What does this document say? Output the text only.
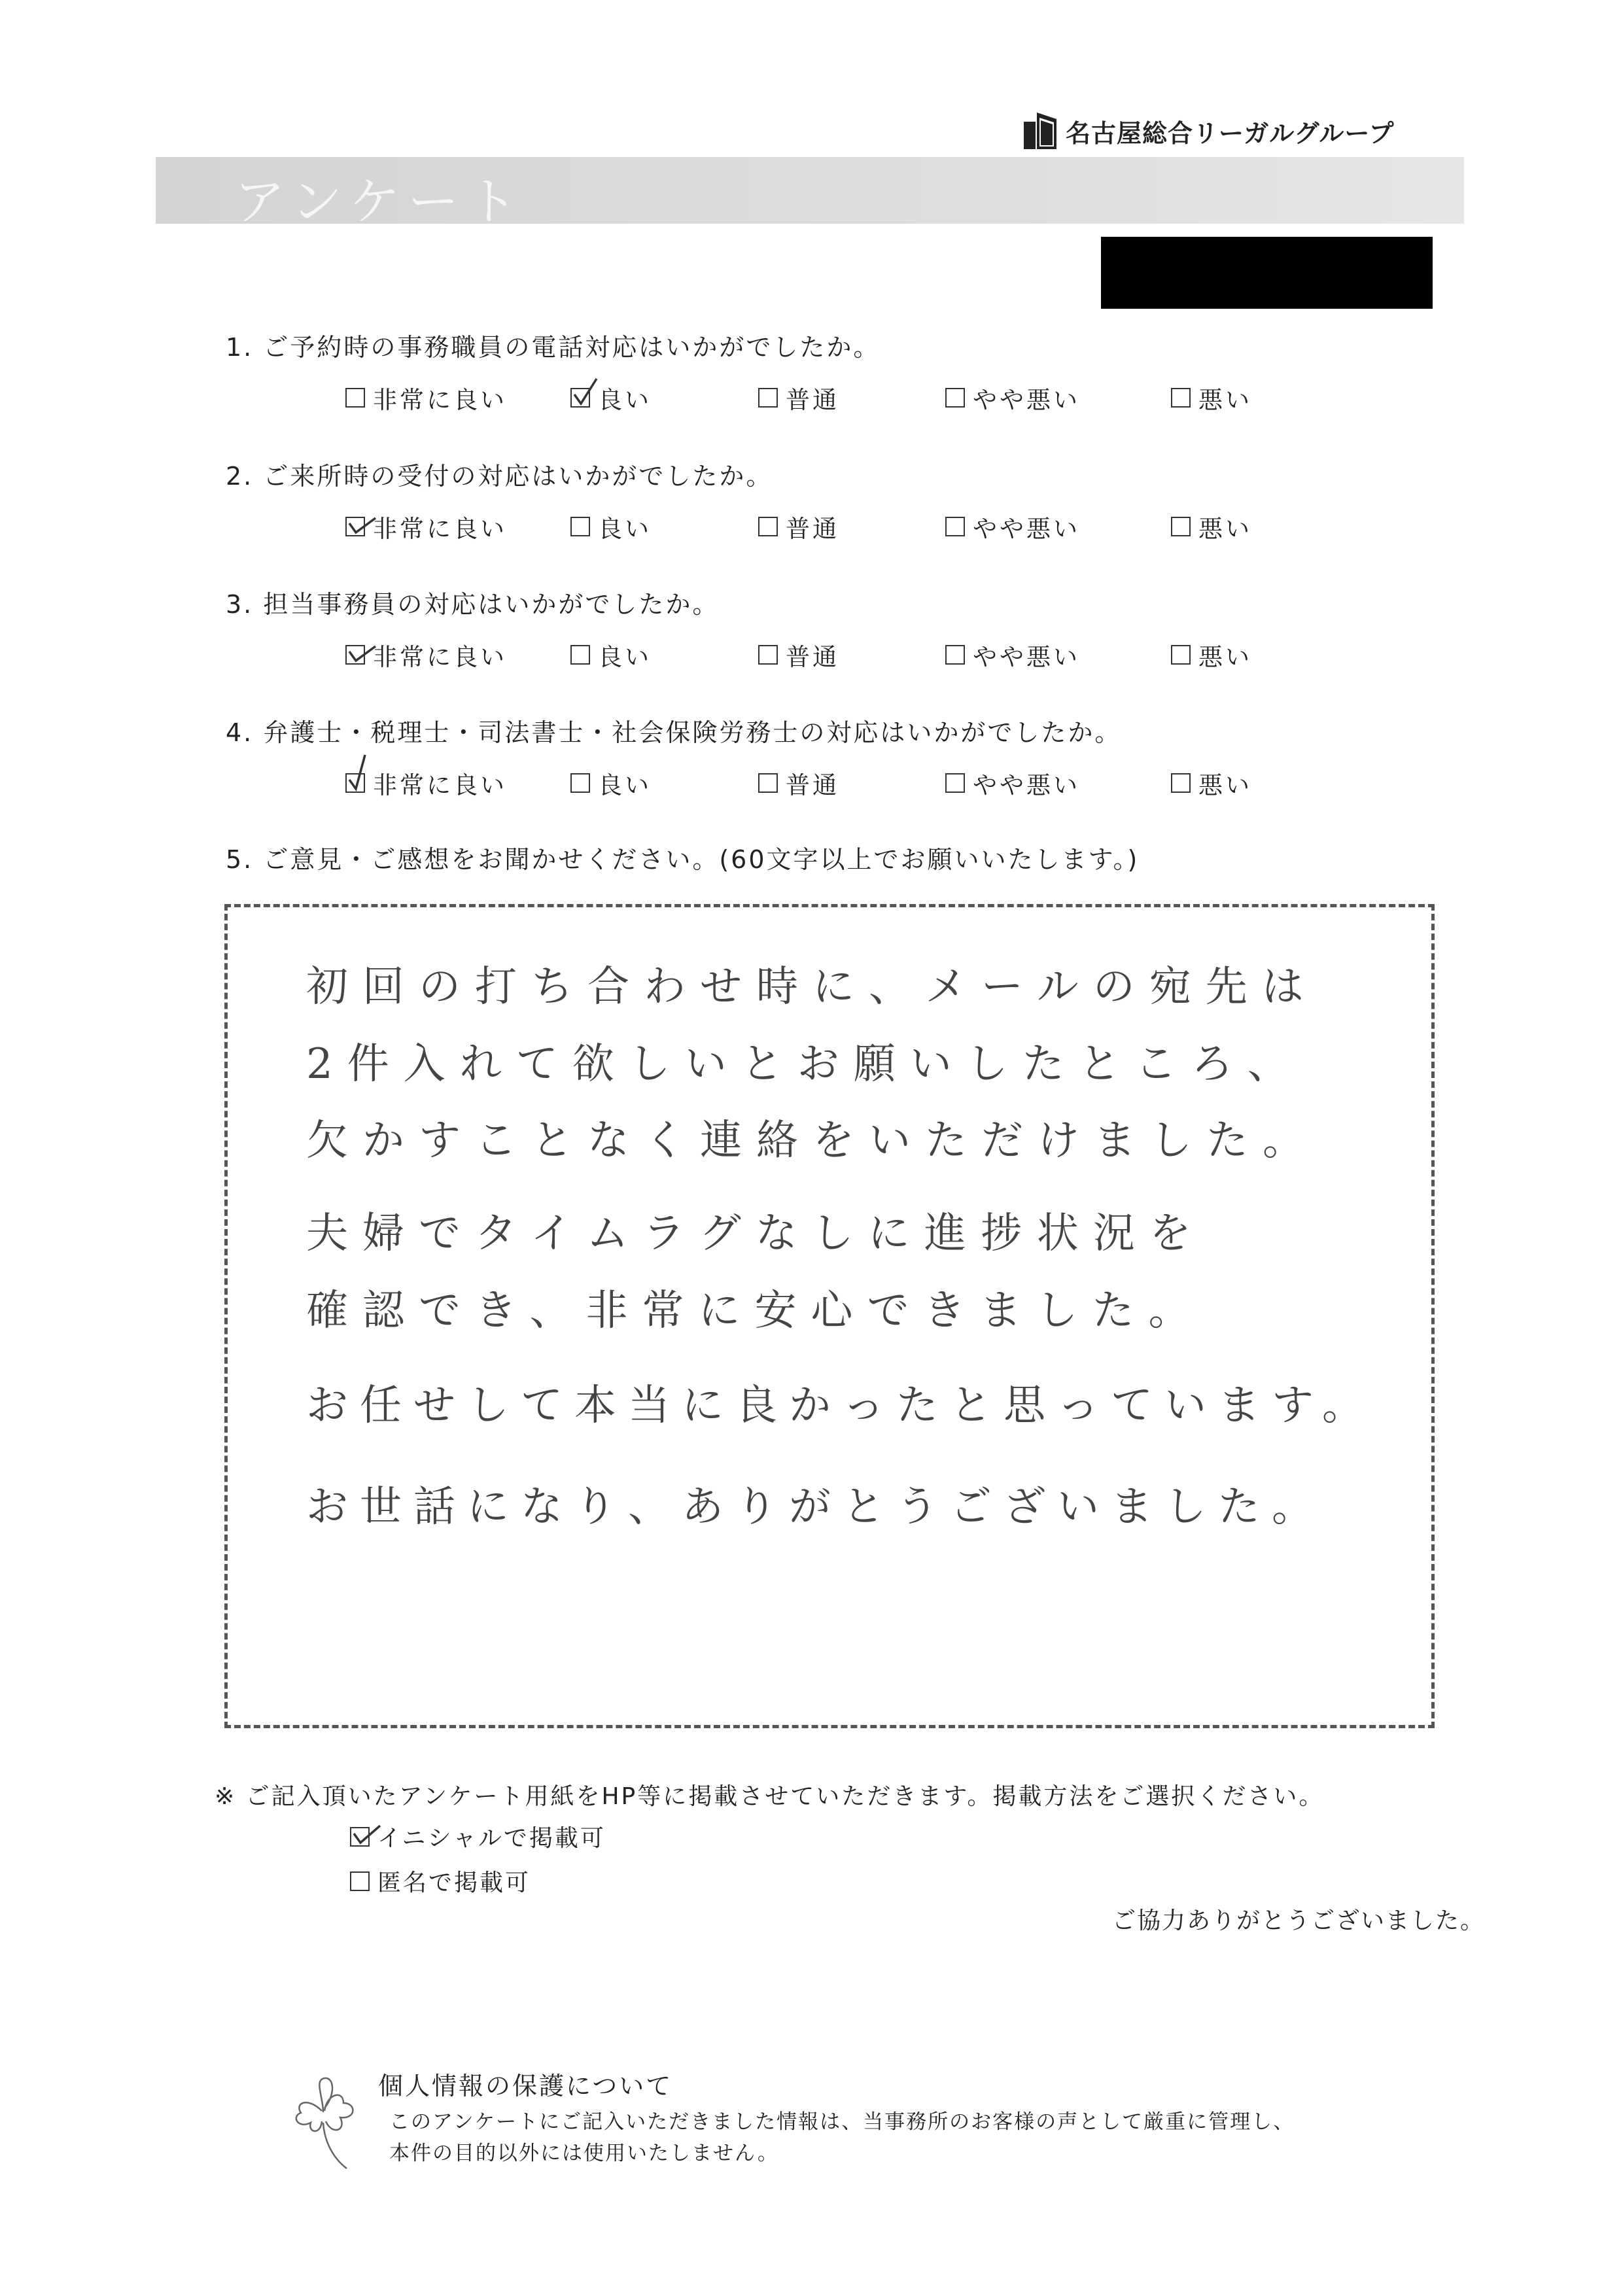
名古屋総合リーガルグループ
アンケート
1. ご予約時の事務職員の電話対応はいかがでしたか。
非常に良い	良い	普通	やや悪い	悪い
2. ご来所時の受付の対応はいかがでしたか。
非常に良い	良い	普通	やや悪い	悪い
3. 担当事務員の対応はいかがでしたか。
非常に良い	良い	普通	やや悪い	悪い
4. 弁護士・税理士・司法書士・社会保険労務士の対応はいかがでしたか。
非常に良い	良い	普通	やや悪い	悪い
5. ご意見・ご感想をお聞かせください。(60文字以上でお願いいたします。)
初回の打ち合わせ時に、メールの宛先は
2件入れて欲しいとお願いしたところ、
欠かすことなく連絡をいただけました。
夫婦でタイムラグなしに進捗状況を
確認でき、非常に安心できました。
お任せして本当に良かったと思っています。
お世話になり、ありがとうございました。
※ ご記入頂いたアンケート用紙をHP等に掲載させていただきます。掲載方法をご選択ください。
イニシャルで掲載可
匿名で掲載可
ご協力ありがとうございました。
個人情報の保護について
このアンケートにご記入いただきました情報は、当事務所のお客様の声として厳重に管理し、
本件の目的以外には使用いたしません。
